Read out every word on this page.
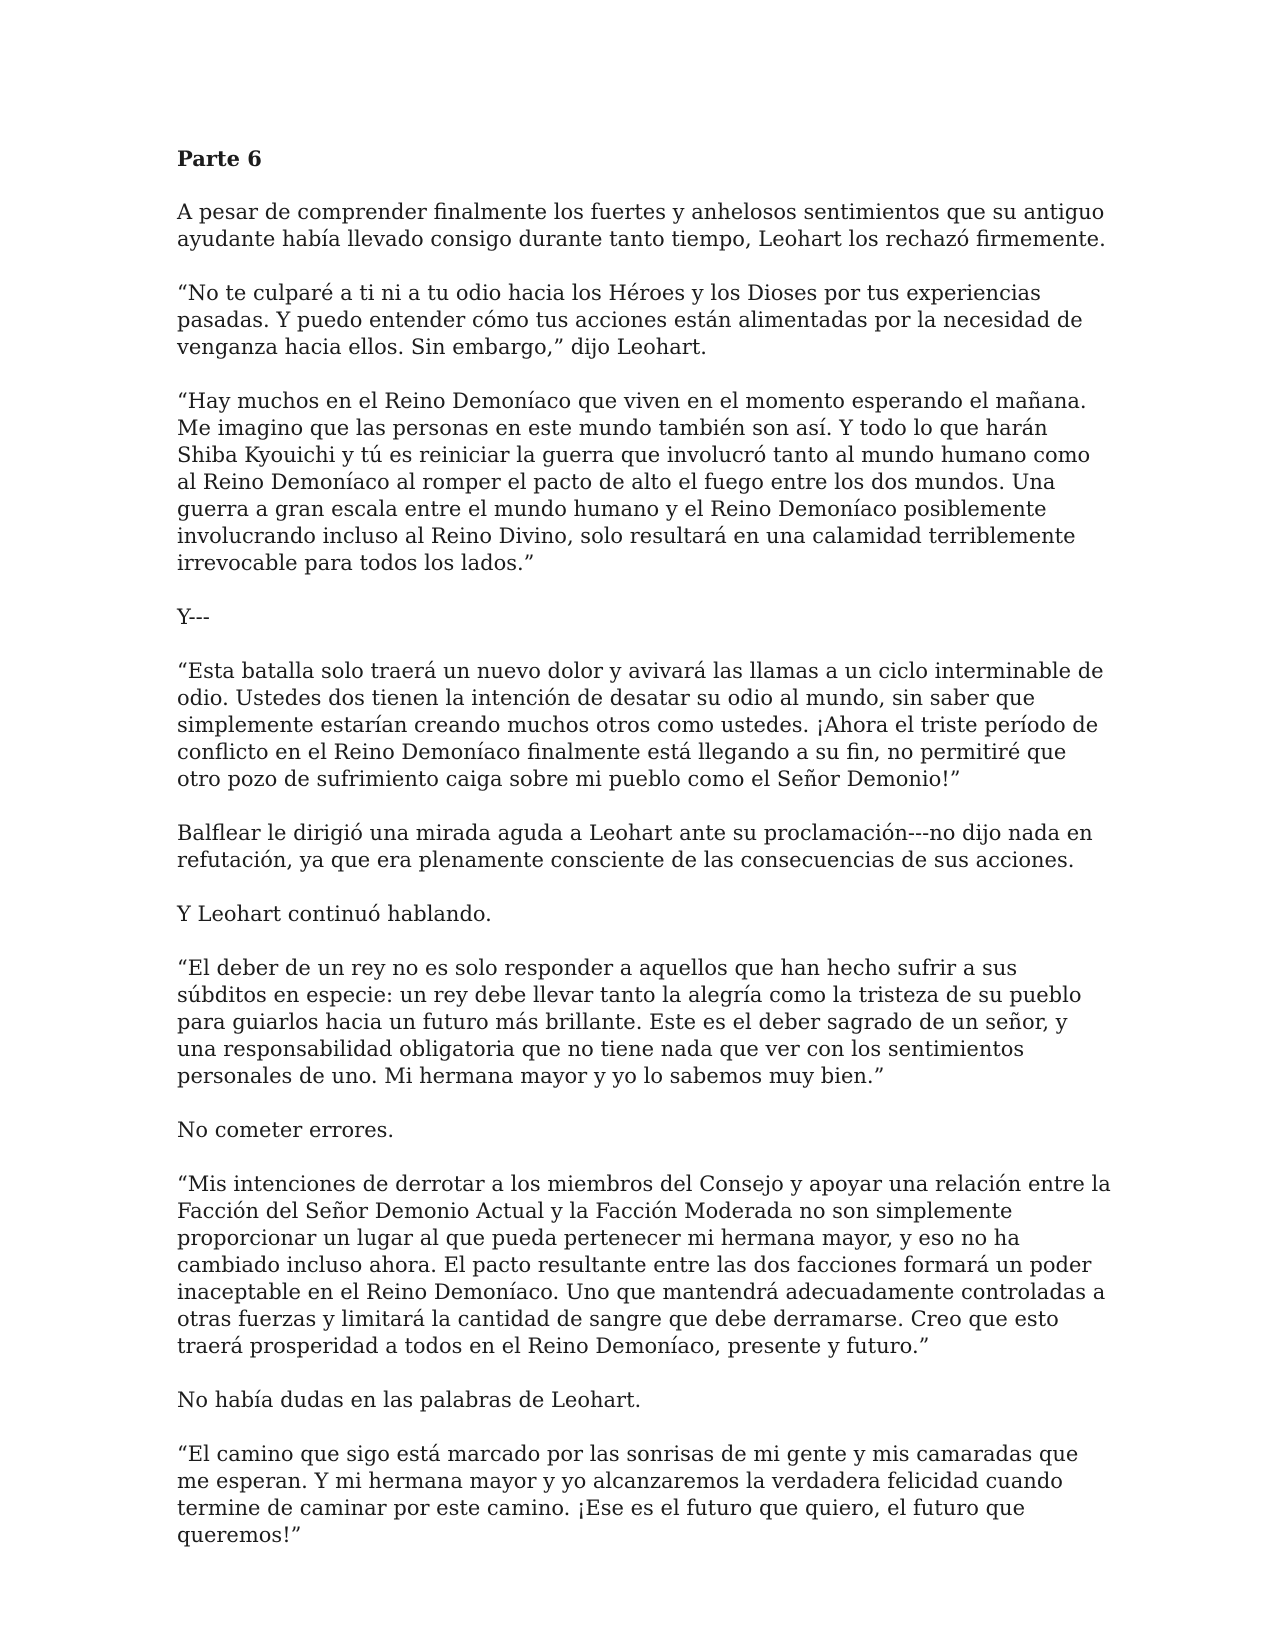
Parte 6

A pesar de comprender finalmente los fuertes y anhelosos sentimientos que su antiguo ayudante había llevado consigo durante tanto tiempo, Leohart los rechazó firmemente.

“No te culparé a ti ni a tu odio hacia los Héroes y los Dioses por tus experiencias pasadas. Y puedo entender cómo tus acciones están alimentadas por la necesidad de venganza hacia ellos. Sin embargo,” dijo Leohart.

“Hay muchos en el Reino Demoníaco que viven en el momento esperando el mañana. Me imagino que las personas en este mundo también son así. Y todo lo que harán Shiba Kyouichi y tú es reiniciar la guerra que involucró tanto al mundo humano como al Reino Demoníaco al romper el pacto de alto el fuego entre los dos mundos. Una guerra a gran escala entre el mundo humano y el Reino Demoníaco posiblemente involucrando incluso al Reino Divino, solo resultará en una calamidad terriblemente irrevocable para todos los lados.”

Y---

“Esta batalla solo traerá un nuevo dolor y avivará las llamas a un ciclo interminable de odio. Ustedes dos tienen la intención de desatar su odio al mundo, sin saber que simplemente estarían creando muchos otros como ustedes. ¡Ahora el triste período de conflicto en el Reino Demoníaco finalmente está llegando a su fin, no permitiré que otro pozo de sufrimiento caiga sobre mi pueblo como el Señor Demonio!”

Balflear le dirigió una mirada aguda a Leohart ante su proclamación---no dijo nada en refutación, ya que era plenamente consciente de las consecuencias de sus acciones.

Y Leohart continuó hablando.

“El deber de un rey no es solo responder a aquellos que han hecho sufrir a sus súbditos en especie: un rey debe llevar tanto la alegría como la tristeza de su pueblo para guiarlos hacia un futuro más brillante. Este es el deber sagrado de un señor, y una responsabilidad obligatoria que no tiene nada que ver con los sentimientos personales de uno. Mi hermana mayor y yo lo sabemos muy bien.”

No cometer errores.

“Mis intenciones de derrotar a los miembros del Consejo y apoyar una relación entre la Facción del Señor Demonio Actual y la Facción Moderada no son simplemente proporcionar un lugar al que pueda pertenecer mi hermana mayor, y eso no ha cambiado incluso ahora. El pacto resultante entre las dos facciones formará un poder inaceptable en el Reino Demoníaco. Uno que mantendrá adecuadamente controladas a otras fuerzas y limitará la cantidad de sangre que debe derramarse. Creo que esto traerá prosperidad a todos en el Reino Demoníaco, presente y futuro.”

No había dudas en las palabras de Leohart.

“El camino que sigo está marcado por las sonrisas de mi gente y mis camaradas que me esperan. Y mi hermana mayor y yo alcanzaremos la verdadera felicidad cuando termine de caminar por este camino. ¡Ese es el futuro que quiero, el futuro que queremos!”
